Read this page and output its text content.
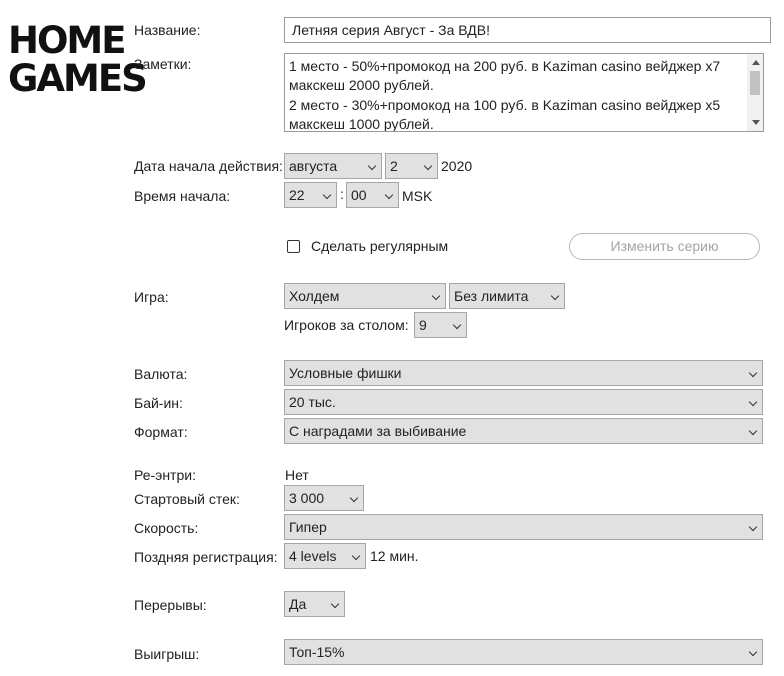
HOME
GAMES
Название:	Летняя серия Август - За ВДВ!
Заметки:	1 место - 50%+промокод на 200 руб. в Kaziman casino вейджер х7
макскеш 2000 рублей.
2 место - 30%+промокод на 100 руб. в Kaziman casino вейджер х5
макскеш 1000 рублей.
Дата начала действия: августа	2	2020
Время начала:	22	: 00	MSK
Сделать регулярным	Изменить серию
Игра:	Холдем	Без лимита
Игроков за столом: 9
Валюта:	Условные фишки
Бай-ин:	20 тыс.
Формат:	С наградами за выбивание
Ре-энтри:	Нет
Стартовый стек:	3 000
Скорость:	Гипер
Поздняя регистрация: 4 levels	12 мин.
Перерывы:	Да
Выигрыш:	Топ-15%
